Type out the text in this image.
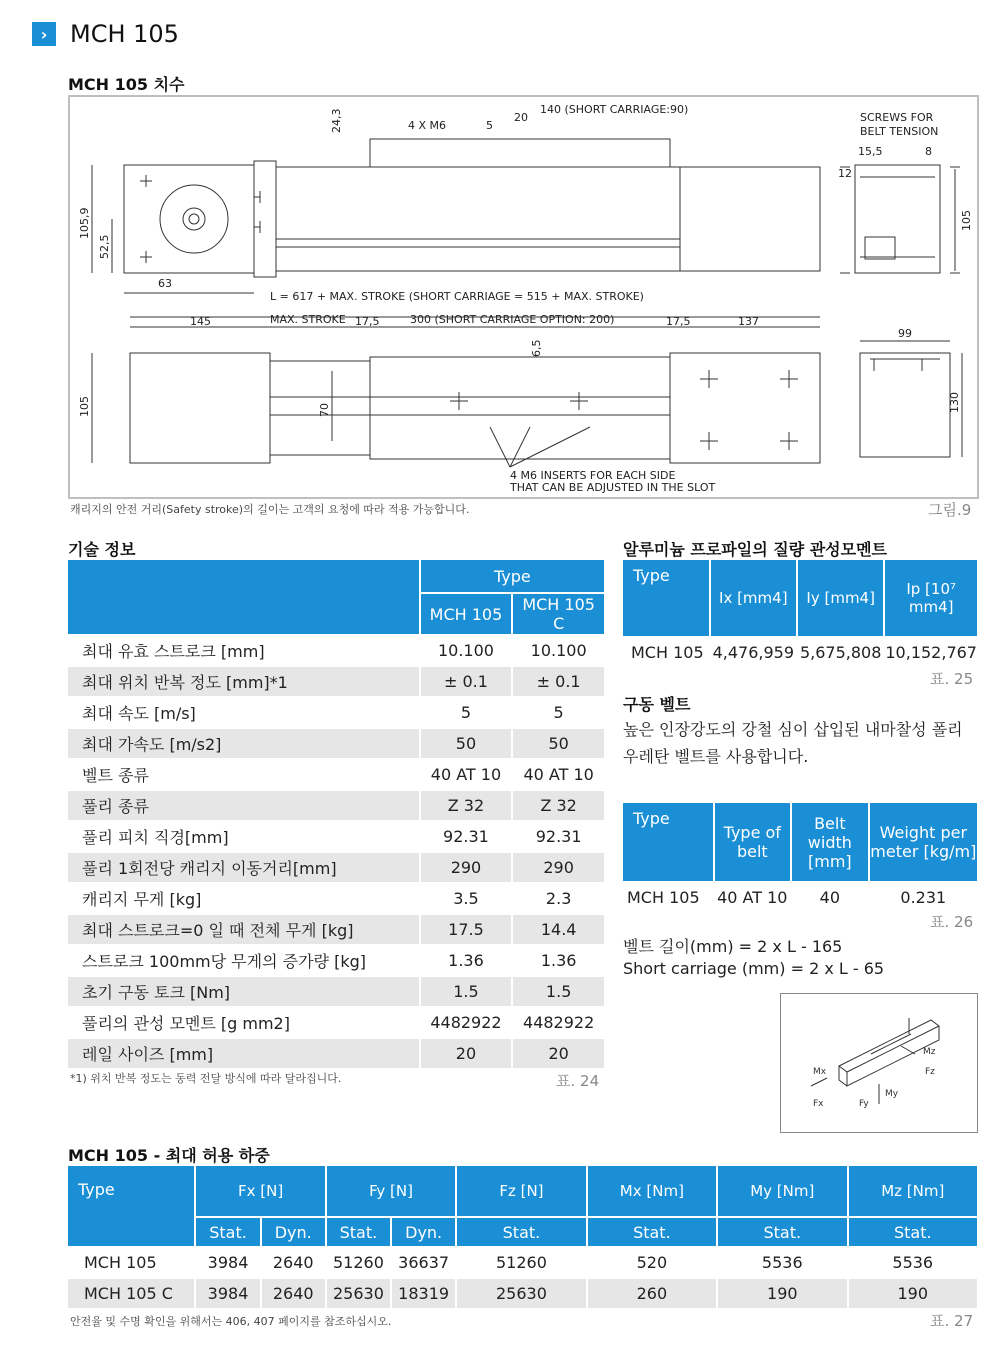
› MCH 105
MCH 105 치수
24,3	4 X M6	5
20
140 (SHORT CARRIAGE:90)
SCREWS FOR
BELT TENSION
15,5	8
12
105
105,9
52,5
63
L = 617 + MAX. STROKE (SHORT CARRIAGE = 515 + MAX. STROKE)
145	MAX. STROKE 17,5	300 (SHORT CARRIAGE OPTION: 200)	17,5	137
6,5
105	70
99
130
4 M6 INSERTS FOR EACH SIDE
THAT CAN BE ADJUSTED IN THE SLOT
캐리지의 안전 거리(Safety stroke)의 길이는 고객의 요청에 따라 적용 가능합니다.	그림.9
기술 정보
	Type	
	MCH 105	MCH 105 C
최대 유효 스트로크 [mm]	10.100	10.100
최대 위치 반복 정도 [mm]*1	± 0.1	± 0.1
최대 속도 [m/s]	5	5
최대 가속도 [m/s2]	50	50
벨트 종류	40 AT 10	40 AT 10
풀리 종류	Z 32	Z 32
풀리 피치 직경[mm]	92.31	92.31
풀리 1회전당 캐리지 이동거리[mm]	290	290
캐리지 무게 [kg]	3.5	2.3
최대 스트로크=0 일 때 전체 무게 [kg]	17.5	14.4
스트로크 100mm당 무게의 증가량 [kg]	1.36	1.36
초기 구동 토크 [Nm]	1.5	1.5
풀리의 관성 모멘트 [g mm2]	4482922	4482922
레일 사이즈 [mm]	20	20
*1) 위치 반복 정도는 동력 전달 방식에 따라 달라집니다.	표. 24
알루미늄 프로파일의 질량 관성모멘트
Type	Ix [mm4]	Iy [mm4]	Ip [10⁷ mm4]
MCH 105	4,476,959	5,675,808	10,152,767
표. 25
구동 벨트
높은 인장강도의 강철 심이 삽입된 내마찰성 폴리
우레탄 벨트를 사용합니다.
Type	Type of belt	Belt width [mm]	Weight per meter [kg/m]
MCH 105	40 AT 10	40	0.231
표. 26
벨트 길이(mm) = 2 x L - 165
Short carriage (mm) = 2 x L - 65
Mx
Mz
Fz
Fx	Fy
My
MCH 105 - 최대 허용 하중
Type	Fx [N]		Fy [N]		Fz [N]	Mx [Nm]	My [Nm]	Mz [Nm]
	Stat.	Dyn.	Stat.	Dyn.	Stat.	Stat.	Stat.	Stat.
MCH 105	3984	2640	51260	36637	51260	520	5536	5536
MCH 105 C	3984	2640	25630	18319	25630	260	190	190
안전율 및 수명 확인을 위해서는 406, 407 페이지를 참조하십시오.	표. 27
